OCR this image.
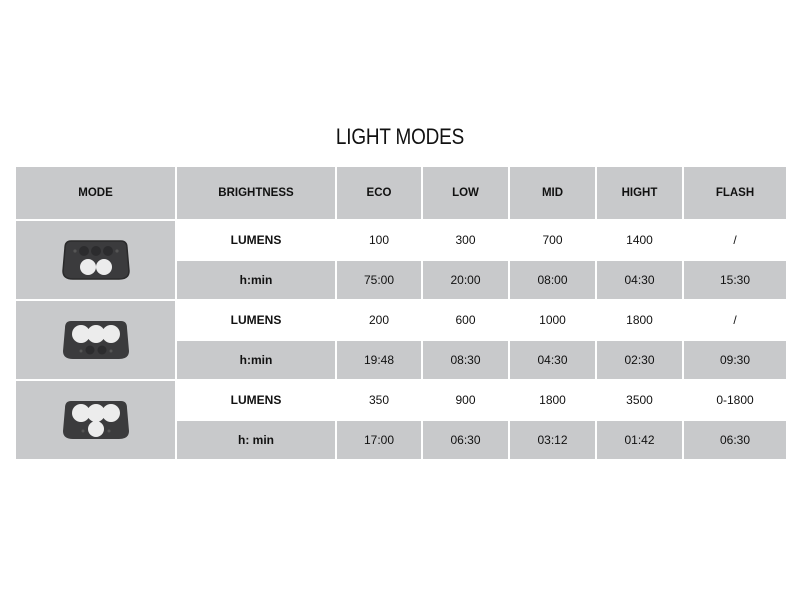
LIGHT MODES
MODE	BRIGHTNESS	ECO	LOW	MID	HIGHT	FLASH

	LUMENS	100	300	700	1400	/
	h:min	75:00	20:00	08:00	04:30	15:30

	LUMENS	200	600	1000	1800	/
	h:min	19:48	08:30	04:30	02:30	09:30

	LUMENS	350	900	1800	3500	0-1800
	h: min	17:00	06:30	03:12	01:42	06:30
